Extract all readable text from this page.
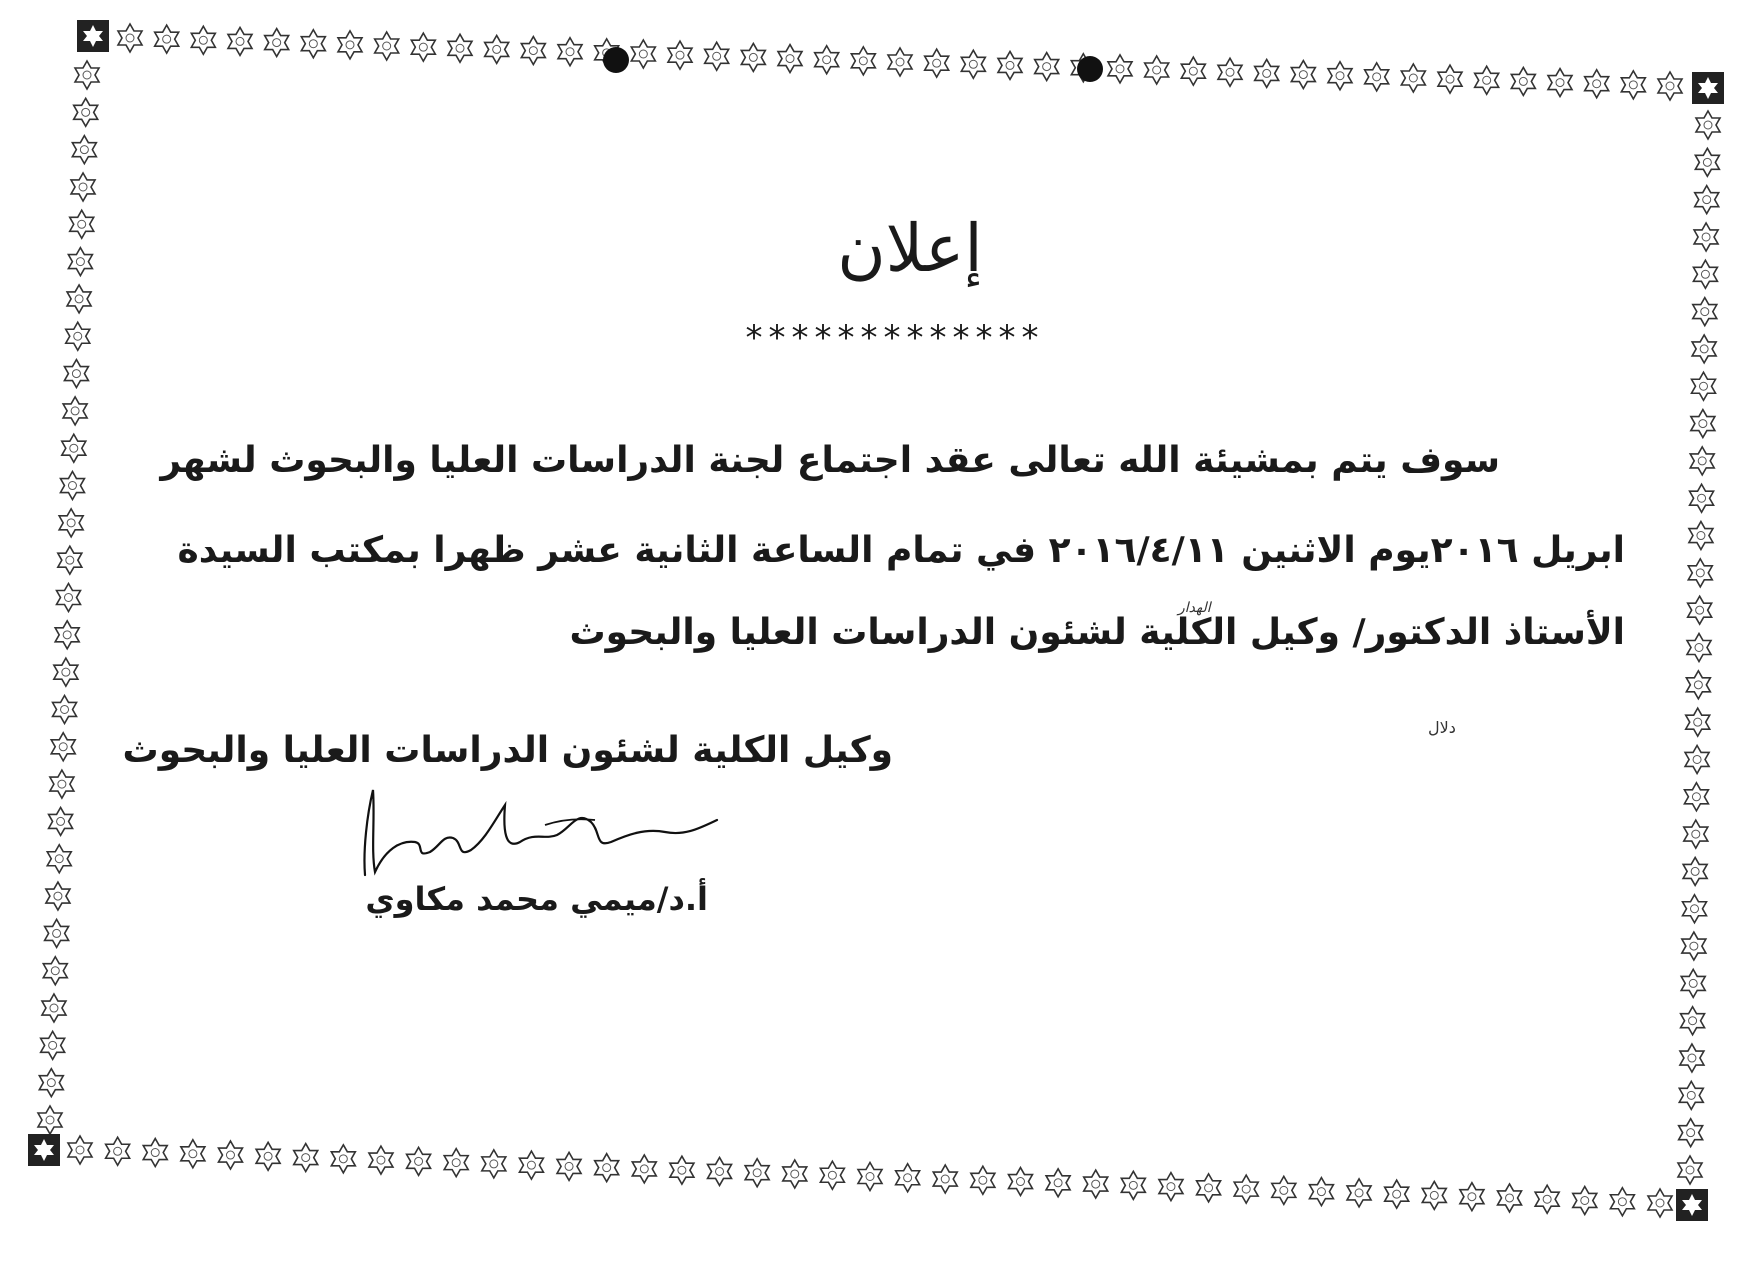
إعلان
*************

سوف يتم بمشيئة الله تعالى عقد اجتماع لجنة الدراسات العليا والبحوث لشهر

ابريل ٢٠١٦يوم الاثنين ٢٠١٦/٤/١١ في تمام الساعة الثانية عشر ظهرا بمكتب السيدة

الأستاذ الدكتور/ وكيل الكلية لشئون الدراسات العليا والبحوث

الهدار
دلال

وكيل الكلية لشئون الدراسات العليا والبحوث

أ.د/ميمي محمد مكاوي
